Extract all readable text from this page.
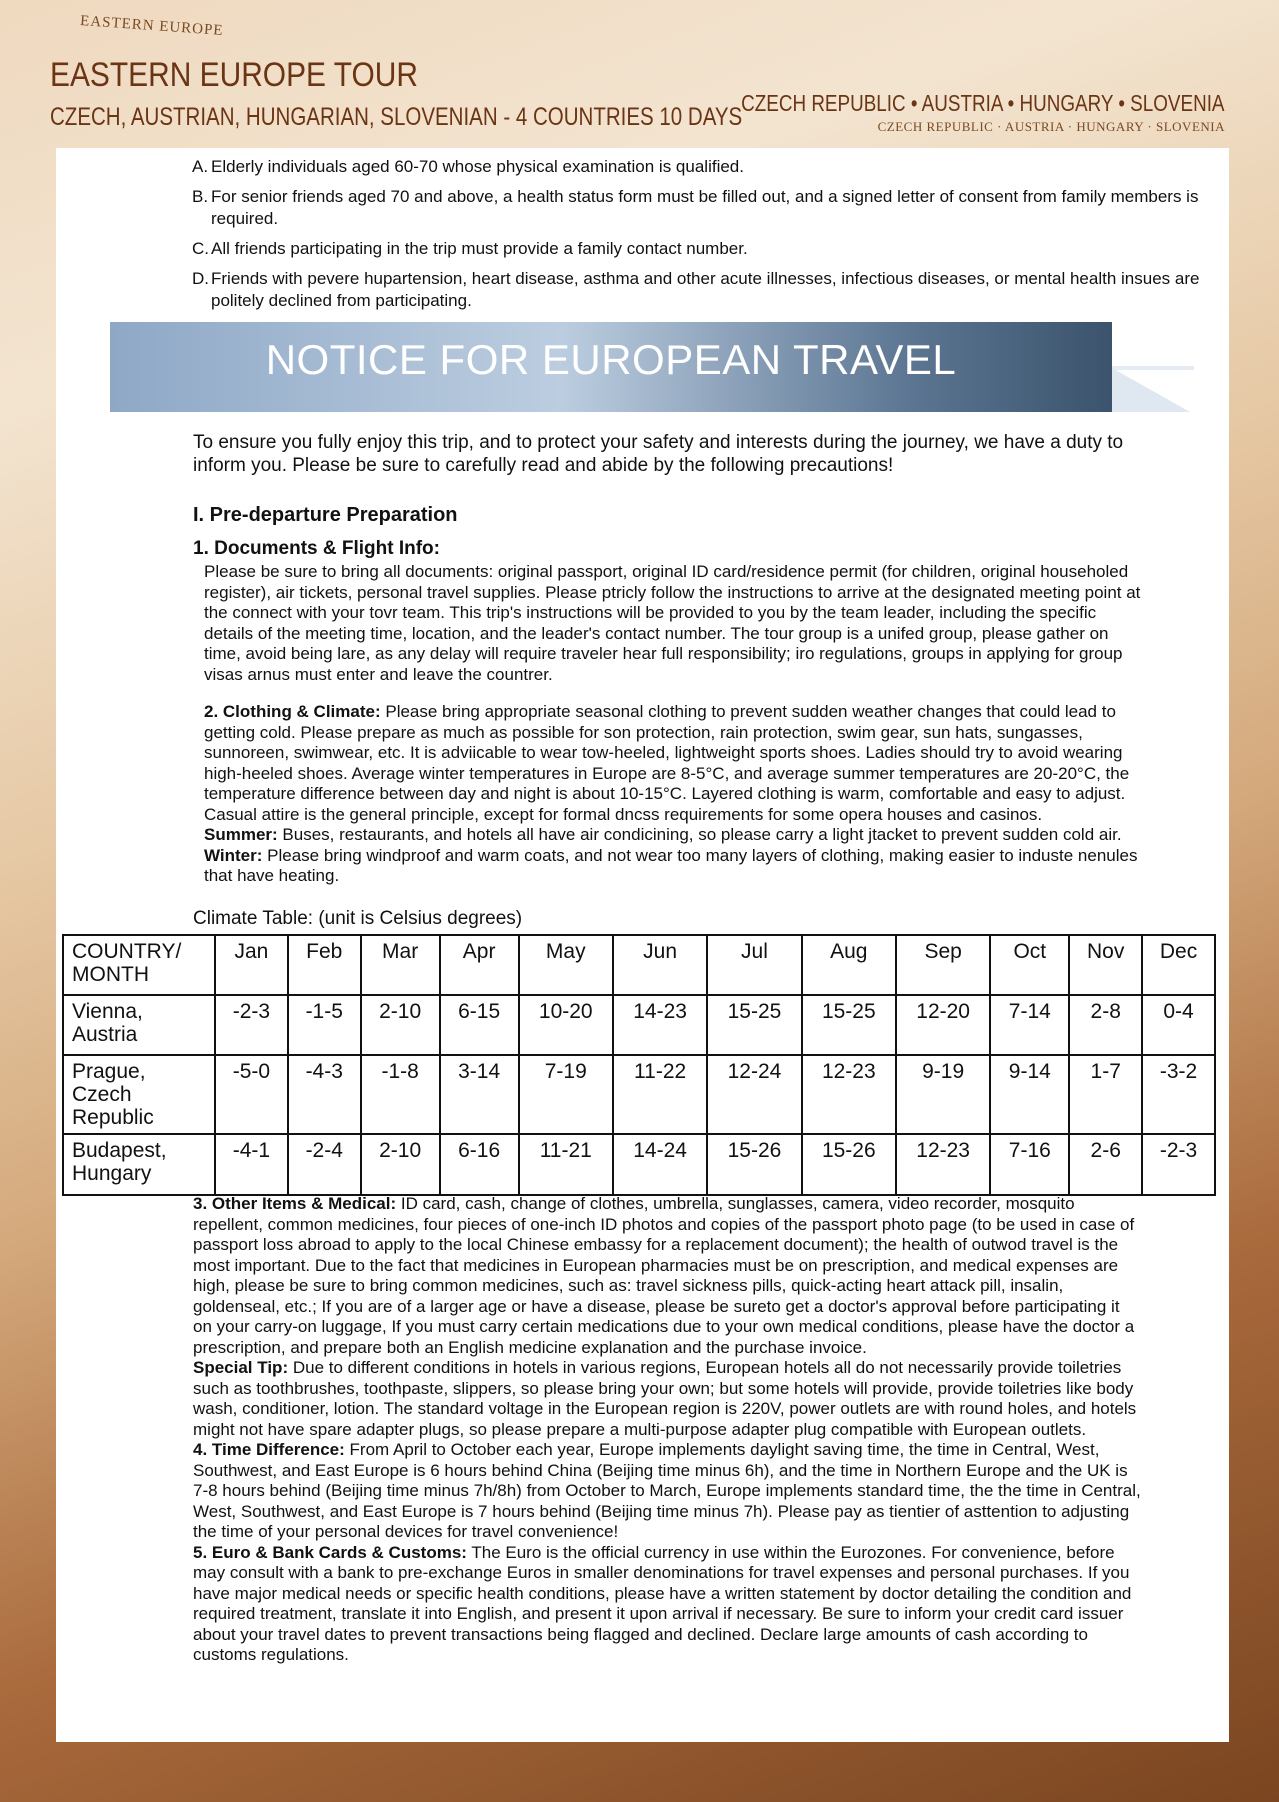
EASTERN EUROPE
EASTERN EUROPE TOUR
CZECH, AUSTRIAN, HUNGARIAN, SLOVENIAN - 4 COUNTRIES 10 DAYS CZECH REPUBLIC • AUSTRIA • HUNGARY • SLOVENIA
CZECH REPUBLIC · AUSTRIA · HUNGARY · SLOVENIA
A. Elderly individuals aged 60-70 whose physical examination is qualified.
B. For senior friends aged 70 and above, a health status form must be filled out, and a signed letter of consent from family members is required.
C. All friends participating in the trip must provide a family contact number.
D. Friends with pevere hupartension, heart disease, asthma and other acute illnesses, infectious diseases, or mental health insues are politely declined from participating.
NOTICE FOR EUROPEAN TRAVEL

To ensure you fully enjoy this trip, and to protect your safety and interests during the journey, we have a duty to inform you. Please be sure to carefully read and abide by the following precautions!

I. Pre-departure Preparation
1. Documents & Flight Info:

Please be sure to bring all documents: original passport, original ID card/residence permit (for children, original householed register), air tickets, personal travel supplies. Please ptricly follow the instructions to arrive at the designated meeting point at the connect with your tovr team. This trip's instructions will be provided to you by the team leader, including the specific details of the meeting time, location, and the leader's contact number. The tour group is a unifed group, please gather on time, avoid being lare, as any delay will require traveler hear full responsibility; iro regulations, groups in applying for group visas arnus must enter and leave the countrer.

2. Clothing & Climate: Please bring appropriate seasonal clothing to prevent sudden weather changes that could lead to getting cold. Please prepare as much as possible for son protection, rain protection, swim gear, sun hats, sungasses, sunnoreen, swimwear, etc. It is adviicable to wear tow-heeled, lightweight sports shoes. Ladies should try to avoid wearing high-heeled shoes. Average winter temperatures in Europe are 8-5°C, and average summer temperatures are 20-20°C, the temperature difference between day and night is about 10-15°C. Layered clothing is warm, comfortable and easy to adjust. Casual attire is the general principle, except for formal dncss requirements for some opera houses and casinos.

Summer: Buses, restaurants, and hotels all have air condicining, so please carry a light jtacket to prevent sudden cold air.

Winter: Please bring windproof and warm coats, and not wear too many layers of clothing, making easier to induste nenules that have heating.

Climate Table: (unit is Celsius degrees)
COUNTRY/ MONTH	Jan	Feb	Mar	Apr	May	Jun	Jul	Aug	Sep	Oct	Nov	Dec
Vienna, Austria	-2-3	-1-5	2-10	6-15	10-20	14-23	15-25	15-25	12-20	7-14	2-8	0-4
Prague, Czech Republic	-5-0	-4-3	-1-8	3-14	7-19	11-22	12-24	12-23	9-19	9-14	1-7	-3-2
Budapest, Hungary	-4-1	-2-4	2-10	6-16	11-21	14-24	15-26	15-26	12-23	7-16	2-6	-2-3

3. Other Items & Medical: ID card, cash, change of clothes, umbrella, sunglasses, camera, video recorder, mosquito repellent, common medicines, four pieces of one-inch ID photos and copies of the passport photo page (to be used in case of passport loss abroad to apply to the local Chinese embassy for a replacement document); the health of outwod travel is the most important. Due to the fact that medicines in European pharmacies must be on prescription, and medical expenses are high, please be sure to bring common medicines, such as: travel sickness pills, quick-acting heart attack pill, insalin, goldenseal, etc.; If you are of a larger age or have a disease, please be sureto get a doctor's approval before participating it on your carry-on luggage, If you must carry certain medications due to your own medical conditions, please have the doctor a prescription, and prepare both an English medicine explanation and the purchase invoice.

Special Tip: Due to different conditions in hotels in various regions, European hotels all do not necessarily provide toiletries such as toothbrushes, toothpaste, slippers, so please bring your own; but some hotels will provide, provide toiletries like body wash, conditioner, lotion. The standard voltage in the European region is 220V, power outlets are with round holes, and hotels might not have spare adapter plugs, so please prepare a multi-purpose adapter plug compatible with European outlets.

4. Time Difference: From April to October each year, Europe implements daylight saving time, the time in Central, West, Southwest, and East Europe is 6 hours behind China (Beijing time minus 6h), and the time in Northern Europe and the UK is 7-8 hours behind (Beijing time minus 7h/8h) from October to March, Europe implements standard time, the the time in Central, West, Southwest, and East Europe is 7 hours behind (Beijing time minus 7h). Please pay as tientier of asttention to adjusting the time of your personal devices for travel convenience!

5. Euro & Bank Cards & Customs: The Euro is the official currency in use within the Eurozones. For convenience, before may consult with a bank to pre-exchange Euros in smaller denominations for travel expenses and personal purchases. If you have major medical needs or specific health conditions, please have a written statement by doctor detailing the condition and required treatment, translate it into English, and present it upon arrival if necessary. Be sure to inform your credit card issuer about your travel dates to prevent transactions being flagged and declined. Declare large amounts of cash according to customs regulations.
